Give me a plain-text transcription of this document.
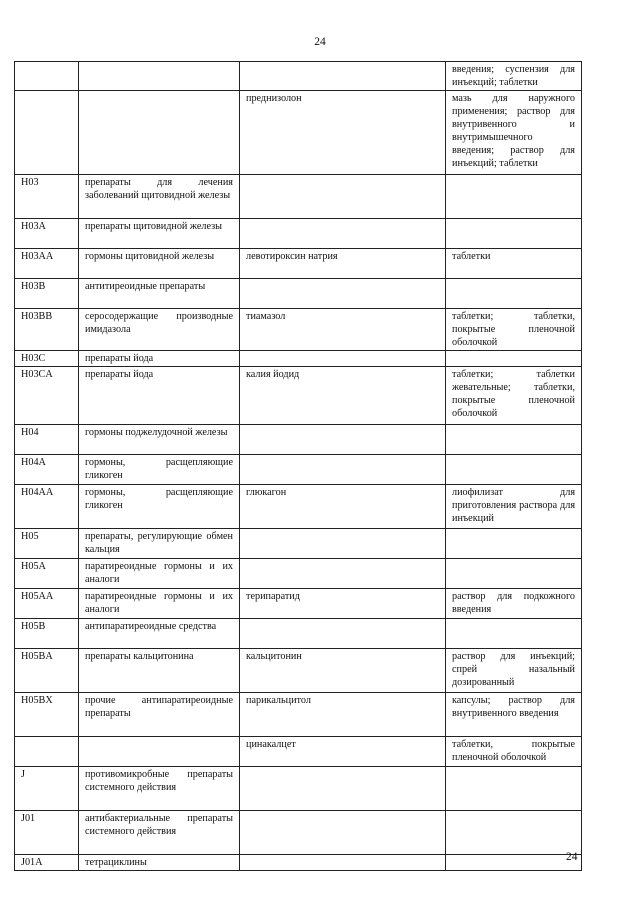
24
			введения; суспензия для инъекций; таблетки
		преднизолон	мазь для наружного применения; раствор для внутривенного и внутримышечного введения; раствор для инъекций; таблетки
H03	препараты для лечения заболеваний щитовидной железы		
H03A	препараты щитовидной железы		
H03AA	гормоны щитовидной железы	левотироксин натрия	таблетки
H03B	антитиреоидные препараты		
H03BB	серосодержащие производные имидазола	тиамазол	таблетки; таблетки, покрытые пленочной оболочкой
H03C	препараты йода		
H03CA	препараты йода	калия йодид	таблетки; таблетки жевательные; таблетки, покрытые пленочной оболочкой
H04	гормоны поджелудочной железы		
H04A	гормоны, расщепляющие гликоген		
H04AA	гормоны, расщепляющие гликоген	глюкагон	лиофилизат для приготовления раствора для инъекций
H05	препараты, регулирующие обмен кальция		
H05A	паратиреоидные гормоны и их аналоги		
H05AA	паратиреоидные гормоны и их аналоги	терипаратид	раствор для подкожного введения
H05B	антипаратиреоидные средства		
H05BA	препараты кальцитонина	кальцитонин	раствор для инъекций; спрей назальный дозированный
H05BX	прочие антипаратиреоидные препараты	парикальцитол	капсулы; раствор для внутривенного введения
		цинакалцет	таблетки, покрытые пленочной оболочкой
J	противомикробные препараты системного действия		
J01	антибактериальные препараты системного действия		
J01A	тетрациклины			24
